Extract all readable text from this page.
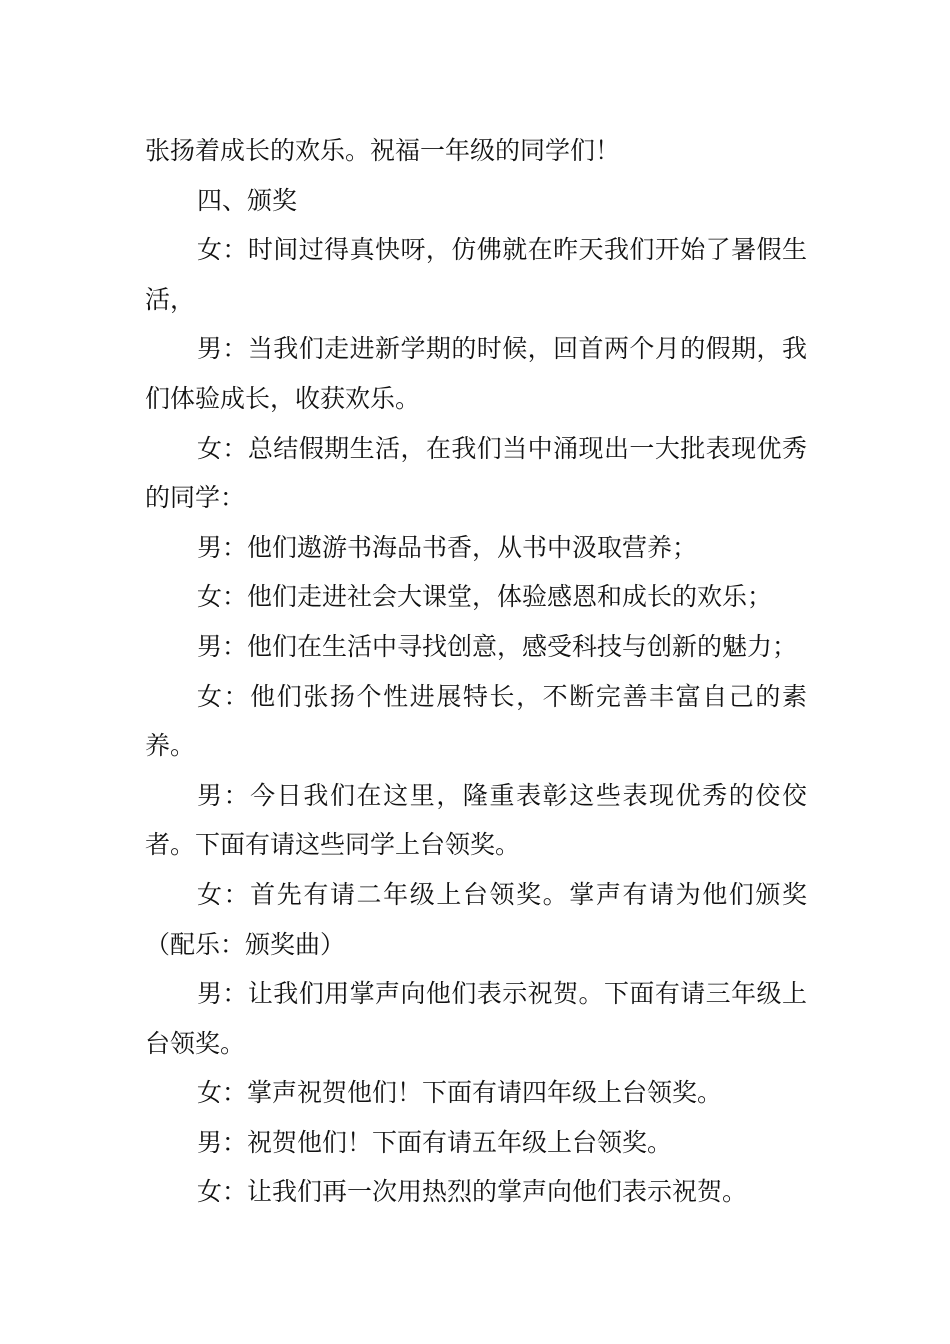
张扬着成长的欢乐。祝福一年级的同学们！

四、颁奖

女：时间过得真快呀，仿佛就在昨天我们开始了暑假生活，

男：当我们走进新学期的时候，回首两个月的假期，我们体验成长，收获欢乐。

女：总结假期生活，在我们当中涌现出一大批表现优秀的同学：

男：他们遨游书海品书香，从书中汲取营养；

女：他们走进社会大课堂，体验感恩和成长的欢乐；

男：他们在生活中寻找创意，感受科技与创新的魅力；

女：他们张扬个性进展特长，不断完善丰富自己的素养。

男：今日我们在这里，隆重表彰这些表现优秀的佼佼者。下面有请这些同学上台领奖。

女：首先有请二年级上台领奖。掌声有请为他们颁奖（配乐：颁奖曲）

男：让我们用掌声向他们表示祝贺。下面有请三年级上台领奖。

女：掌声祝贺他们！下面有请四年级上台领奖。

男：祝贺他们！下面有请五年级上台领奖。

女：让我们再一次用热烈的掌声向他们表示祝贺。
